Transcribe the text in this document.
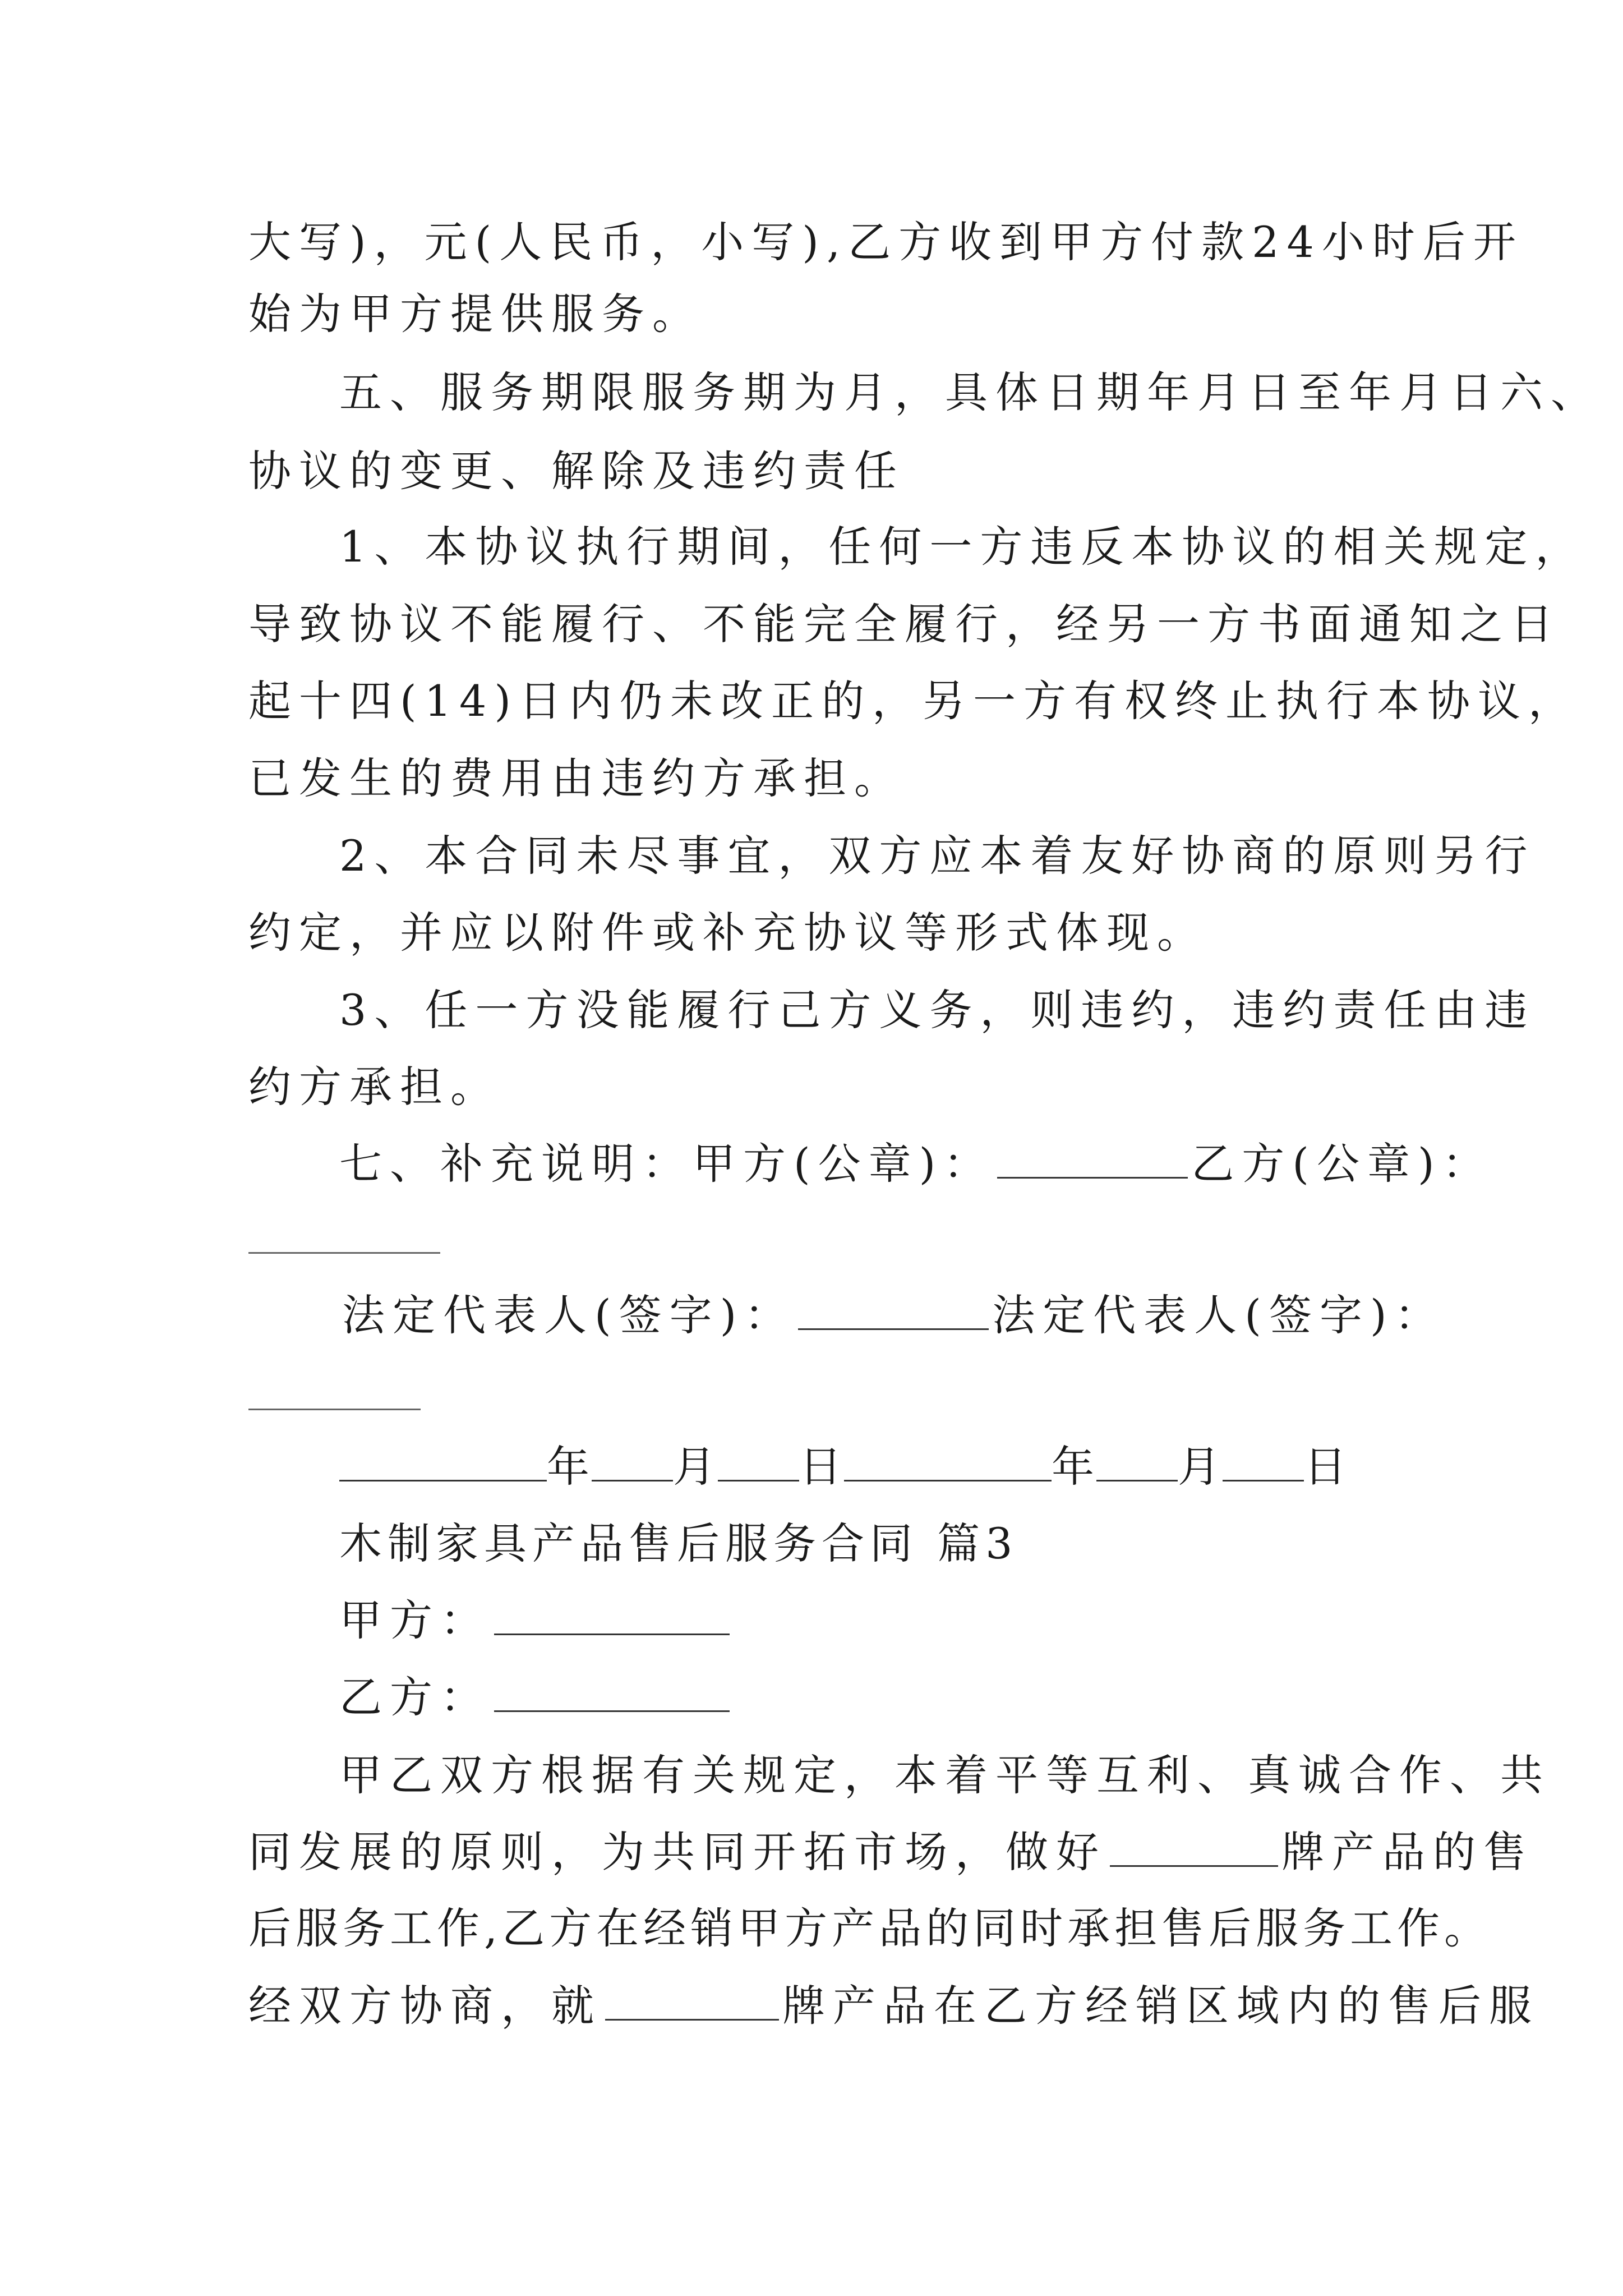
大写)，元(人民币，小写),乙方收到甲方付款24小时后开
始为甲方提供服务。
五、服务期限服务期为月，具体日期年月日至年月日六、
协议的变更、解除及违约责任
1、本协议执行期间，任何一方违反本协议的相关规定，
导致协议不能履行、不能完全履行，经另一方书面通知之日
起十四(14)日内仍未改正的，另一方有权终止执行本协议，
已发生的费用由违约方承担。
2、本合同未尽事宜，双方应本着友好协商的原则另行
约定，并应以附件或补充协议等形式体现。
3、任一方没能履行己方义务，则违约，违约责任由违
约方承担。
七、补充说明：甲方(公章)：	乙方(公章)：
法定代表人(签字)：	法定代表人(签字)：
年 月 日	年 月 日
木制家具产品售后服务合同 篇3
甲方：
乙方：
甲乙双方根据有关规定，本着平等互利、真诚合作、共
同发展的原则，为共同开拓市场，做好	牌产品的售
后服务工作,乙方在经销甲方产品的同时承担售后服务工作。
经双方协商，就	牌产品在乙方经销区域内的售后服
